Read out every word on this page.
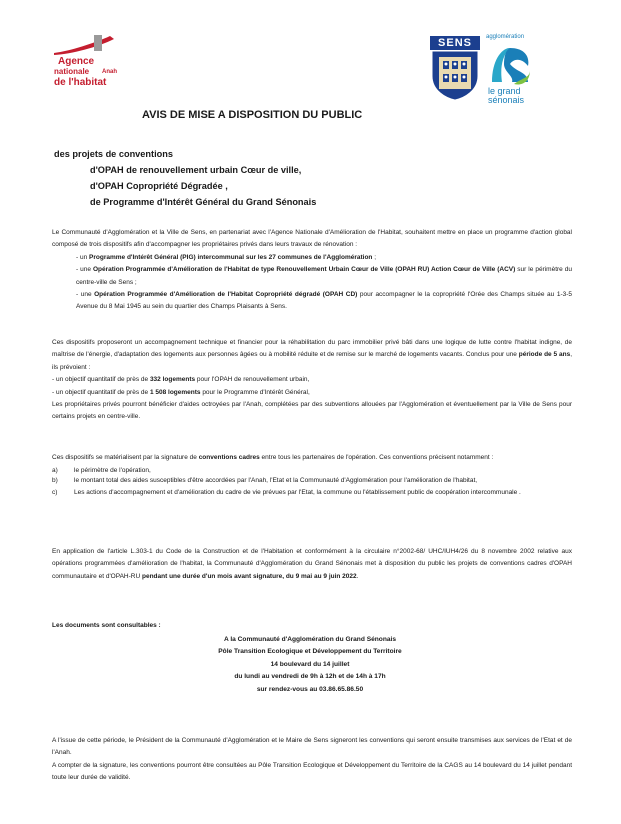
Agence
nationale Anah
de l'habitat
SENS	agglomération
le grand
sénonais
AVIS DE MISE A DISPOSITION DU PUBLIC
des projets de conventions
d'OPAH de renouvellement urbain Cœur de ville,
d'OPAH Copropriété Dégradée ,
de Programme d'Intérêt Général du Grand Sénonais
Le Communauté d'Agglomération et la Ville de Sens, en partenariat avec l'Agence Nationale d'Amélioration de l'Habitat, souhaitent mettre en place un programme d'action global composé de trois dispositifs afin d'accompagner les propriétaires privés dans leurs travaux de rénovation :
- un Programme d'Intérêt Général (PIG) intercommunal sur les 27 communes de l'Agglomération ;
- une Opération Programmée d'Amélioration de l'Habitat de type Renouvellement Urbain Cœur de Ville (OPAH RU) Action Cœur de Ville (ACV) sur le périmètre du centre-ville de Sens ;
- une Opération Programmée d'Amélioration de l'Habitat Copropriété dégradé (OPAH CD) pour accompagner le la copropriété l'Orée des Champs située au 1-3-5 Avenue du 8 Mai 1945 au sein du quartier des Champs Plaisants à Sens.
Ces dispositifs proposeront un accompagnement technique et financier pour la réhabilitation du parc immobilier privé bâti dans une logique de lutte contre l'habitat indigne, de maîtrise de l'énergie, d'adaptation des logements aux personnes âgées ou à mobilité réduite et de remise sur le marché de logements vacants. Conclus pour une période de 5 ans, ils prévoient :
- un objectif quantitatif de près de 332 logements pour l'OPAH de renouvellement urbain,
- un objectif quantitatif de près de 1 508 logements pour le Programme d'Intérêt Général,
Les propriétaires privés pourront bénéficier d'aides octroyées par l'Anah, complétées par des subventions allouées par l'Agglomération et éventuellement par la Ville de Sens pour certains projets en centre-ville.
Ces dispositifs se matérialisent par la signature de conventions cadres entre tous les partenaires de l'opération. Ces conventions précisent notamment :
a) le périmètre de l'opération,
b) le montant total des aides susceptibles d'être accordées par l'Anah, l'Etat et la Communauté d'Agglomération pour l'amélioration de l'habitat,
c)	Les actions d'accompagnement et d'amélioration du cadre de vie prévues par l'Etat, la commune ou l'établissement public de coopération intercommunale .
En application de l'article L.303-1 du Code de la Construction et de l'Habitation et conformément à la circulaire n°2002-68/ UHC/IUH4/26 du 8 novembre 2002 relative aux opérations programmées d'amélioration de l'habitat, la Communauté d'Agglomération du Grand Sénonais met à disposition du public les projets de conventions cadres d'OPAH communautaire et d'OPAH-RU pendant une durée d'un mois avant signature, du 9 mai au 9 juin 2022.
Les documents sont consultables :
A la Communauté d'Agglomération du Grand Sénonais
Pôle Transition Ecologique et Développement du Territoire
14 boulevard du 14 juillet
du lundi au vendredi de 9h à 12h et de 14h à 17h
sur rendez-vous au 03.86.65.86.50
A l'issue de cette période, le Président de la Communauté d'Agglomération et le Maire de Sens signeront les conventions qui seront ensuite transmises aux services de l'Etat et de l'Anah.
A compter de la signature, les conventions pourront être consultées au Pôle Transition Ecologique et Développement du Territoire de la CAGS au 14 boulevard du 14 juillet pendant toute leur durée de validité.
